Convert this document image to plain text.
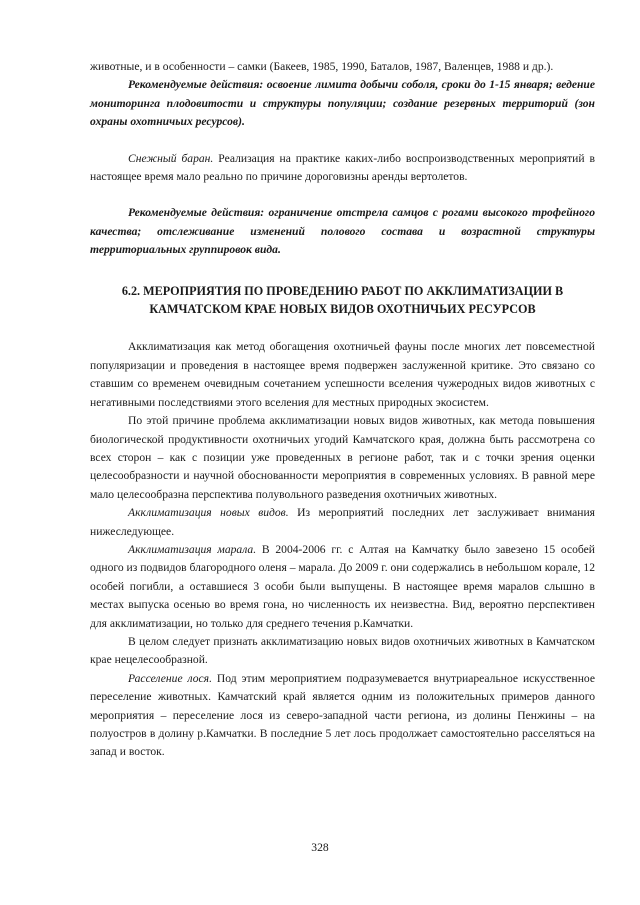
животные, и в особенности – самки (Бакеев, 1985, 1990, Баталов, 1987, Валенцев, 1988 и др.).

Рекомендуемые действия: освоение лимита добычи соболя, сроки до 1-15 января; ведение мониторинга плодовитости и структуры популяции; создание резервных территорий (зон охраны охотничьих ресурсов).

Снежный баран. Реализация на практике каких-либо воспроизводственных мероприятий в настоящее время мало реально по причине дороговизны аренды вертолетов.

Рекомендуемые действия: ограничение отстрела самцов с рогами высокого трофейного качества; отслеживание изменений полового состава и возрастной структуры территориальных группировок вида.

6.2. МЕРОПРИЯТИЯ ПО ПРОВЕДЕНИЮ РАБОТ ПО АККЛИМАТИЗАЦИИ В КАМЧАТСКОМ КРАЕ НОВЫХ ВИДОВ ОХОТНИЧЬИХ РЕСУРСОВ

Акклиматизация как метод обогащения охотничьей фауны после многих лет повсеместной популяризации и проведения в настоящее время подвержен заслуженной критике. Это связано со ставшим со временем очевидным сочетанием успешности вселения чужеродных видов животных с негативными последствиями этого вселения для местных природных экосистем.

По этой причине проблема акклиматизации новых видов животных, как метода повышения биологической продуктивности охотничьих угодий Камчатского края, должна быть рассмотрена со всех сторон – как с позиции уже проведенных в регионе работ, так и с точки зрения оценки целесообразности и научной обоснованности мероприятия в современных условиях. В равной мере мало целесообразна перспектива полувольного разведения охотничьих животных.

Акклиматизация новых видов. Из мероприятий последних лет заслуживает внимания нижеследующее.

Акклиматизация марала. В 2004-2006 гг. с Алтая на Камчатку было завезено 15 особей одного из подвидов благородного оленя – марала. До 2009 г. они содержались в небольшом корале, 12 особей погибли, а оставшиеся 3 особи были выпущены. В настоящее время маралов слышно в местах выпуска осенью во время гона, но численность их неизвестна. Вид, вероятно перспективен для акклиматизации, но только для среднего течения р.Камчатки.

В целом следует признать акклиматизацию новых видов охотничьих животных в Камчатском крае нецелесообразной.

Расселение лося. Под этим мероприятием подразумевается внутриареальное искусственное переселение животных. Камчатский край является одним из положительных примеров данного мероприятия – переселение лося из северо-западной части региона, из долины Пенжины – на полуостров в долину р.Камчатки. В последние 5 лет лось продолжает самостоятельно расселяться на запад и восток.

328
